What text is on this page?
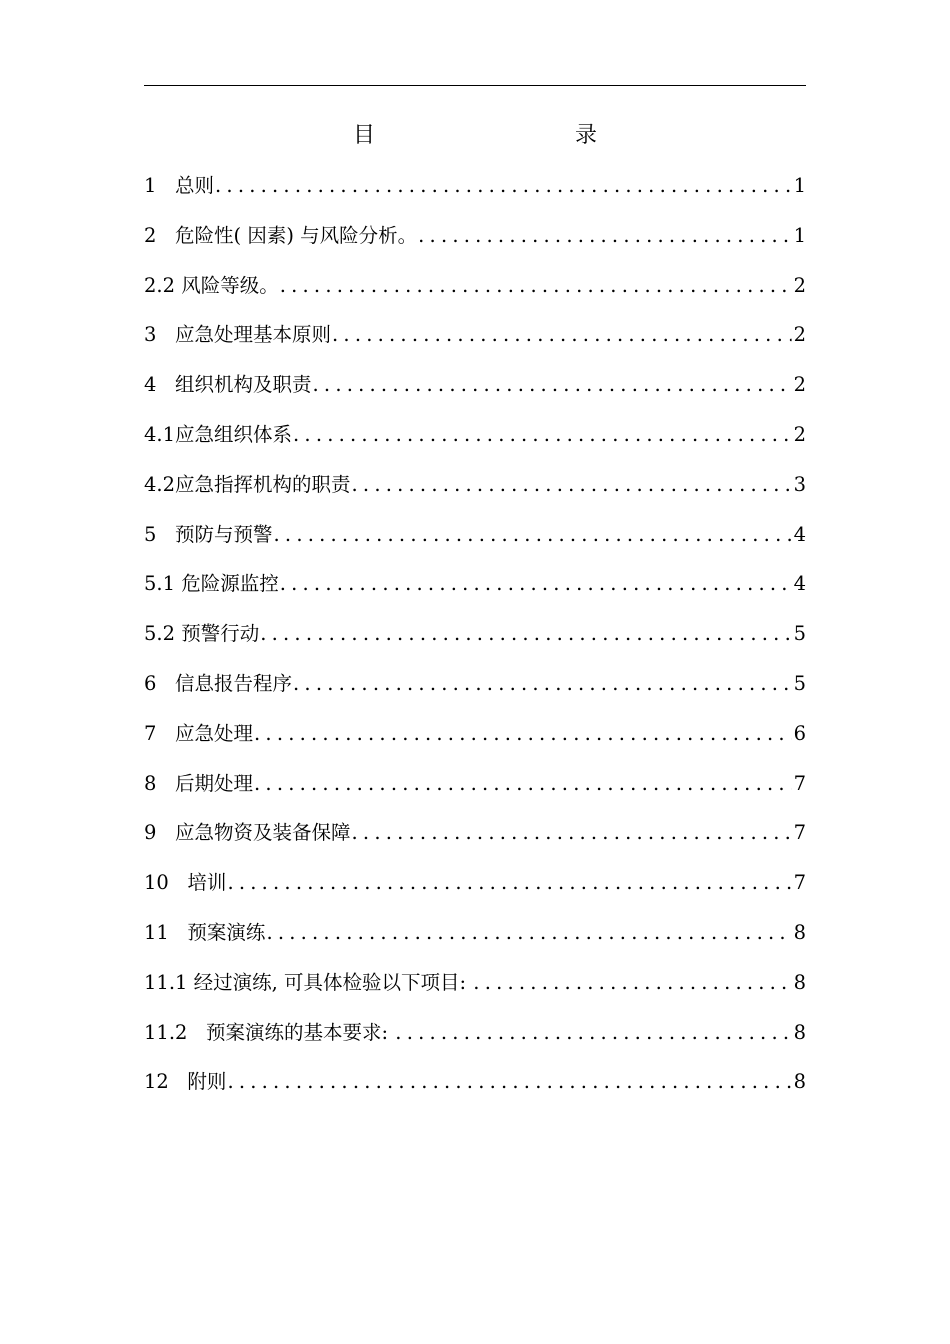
目　　录
1 总则 .....	1
2 危险性( 因素) 与风险分析。 .....	1
2.2 风险等级。 .....	2
3 应急处理基本原则 .....	2
4 组织机构及职责 .....	2
4.1 应急组织体系 .....	2
4.2 应急指挥机构的职责 .....	3
5 预防与预警 .....	4
5.1 危险源监控 .....	4
5.2 预警行动 .....	5
6 信息报告程序 .....	5
7 应急处理 .....	6
8 后期处理 .....	7
9 应急物资及装备保障 .....	7
10 培训 .....	7
11 预案演练 .....	8
11.1 经过演练, 可具体检验以下项目: .....	8
11.2 预案演练的基本要求: .....	8
12 附则 .....	8
